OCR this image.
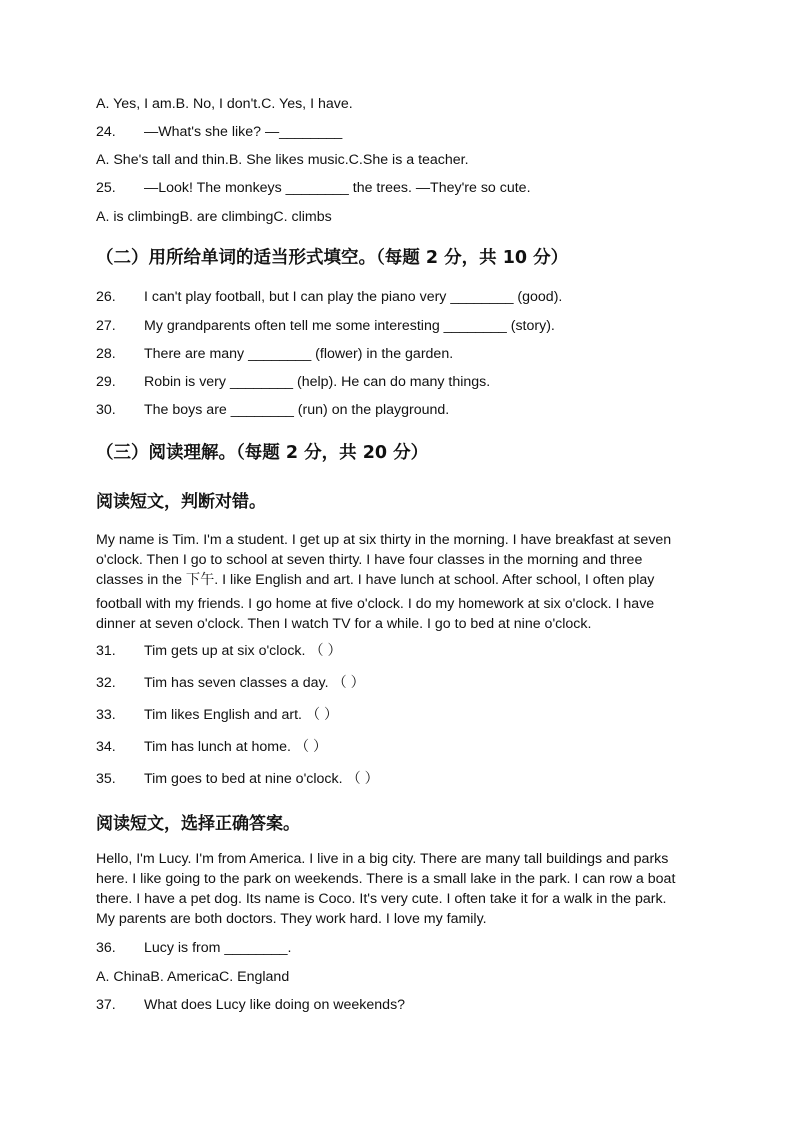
A. Yes, I am.B. No, I don't.C. Yes, I have.
24. —What's she like? —________
A. She's tall and thin.B. She likes music.C.She is a teacher.
25. —Look! The monkeys ________ the trees. —They're so cute.
A. is climbingB. are climbingC. climbs
（二）用所给单词的适当形式填空。（每题 2 分，共 10 分）
26. I can't play football, but I can play the piano very ________ (good).
27. My grandparents often tell me some interesting ________ (story).
28. There are many ________ (flower) in the garden.
29. Robin is very ________ (help). He can do many things.
30. The boys are ________ (run) on the playground.
（三）阅读理解。（每题 2 分，共 20 分）
阅读短文，判断对错。
My name is Tim. I'm a student. I get up at six thirty in the morning. I have breakfast at seven
o'clock. Then I go to school at seven thirty. I have four classes in the morning and three
classes in the 下午. I like English and art. I have lunch at school. After school, I often play
football with my friends. I go home at five o'clock. I do my homework at six o'clock. I have
dinner at seven o'clock. Then I watch TV for a while. I go to bed at nine o'clock.
31. Tim gets up at six o'clock. （ ）
32. Tim has seven classes a day. （ ）
33. Tim likes English and art. （ ）
34. Tim has lunch at home. （ ）
35. Tim goes to bed at nine o'clock. （ ）
阅读短文，选择正确答案。
Hello, I'm Lucy. I'm from America. I live in a big city. There are many tall buildings and parks
here. I like going to the park on weekends. There is a small lake in the park. I can row a boat
there. I have a pet dog. Its name is Coco. It's very cute. I often take it for a walk in the park.
My parents are both doctors. They work hard. I love my family.
36. Lucy is from ________.
A. ChinaB. AmericaC. England
37. What does Lucy like doing on weekends?
